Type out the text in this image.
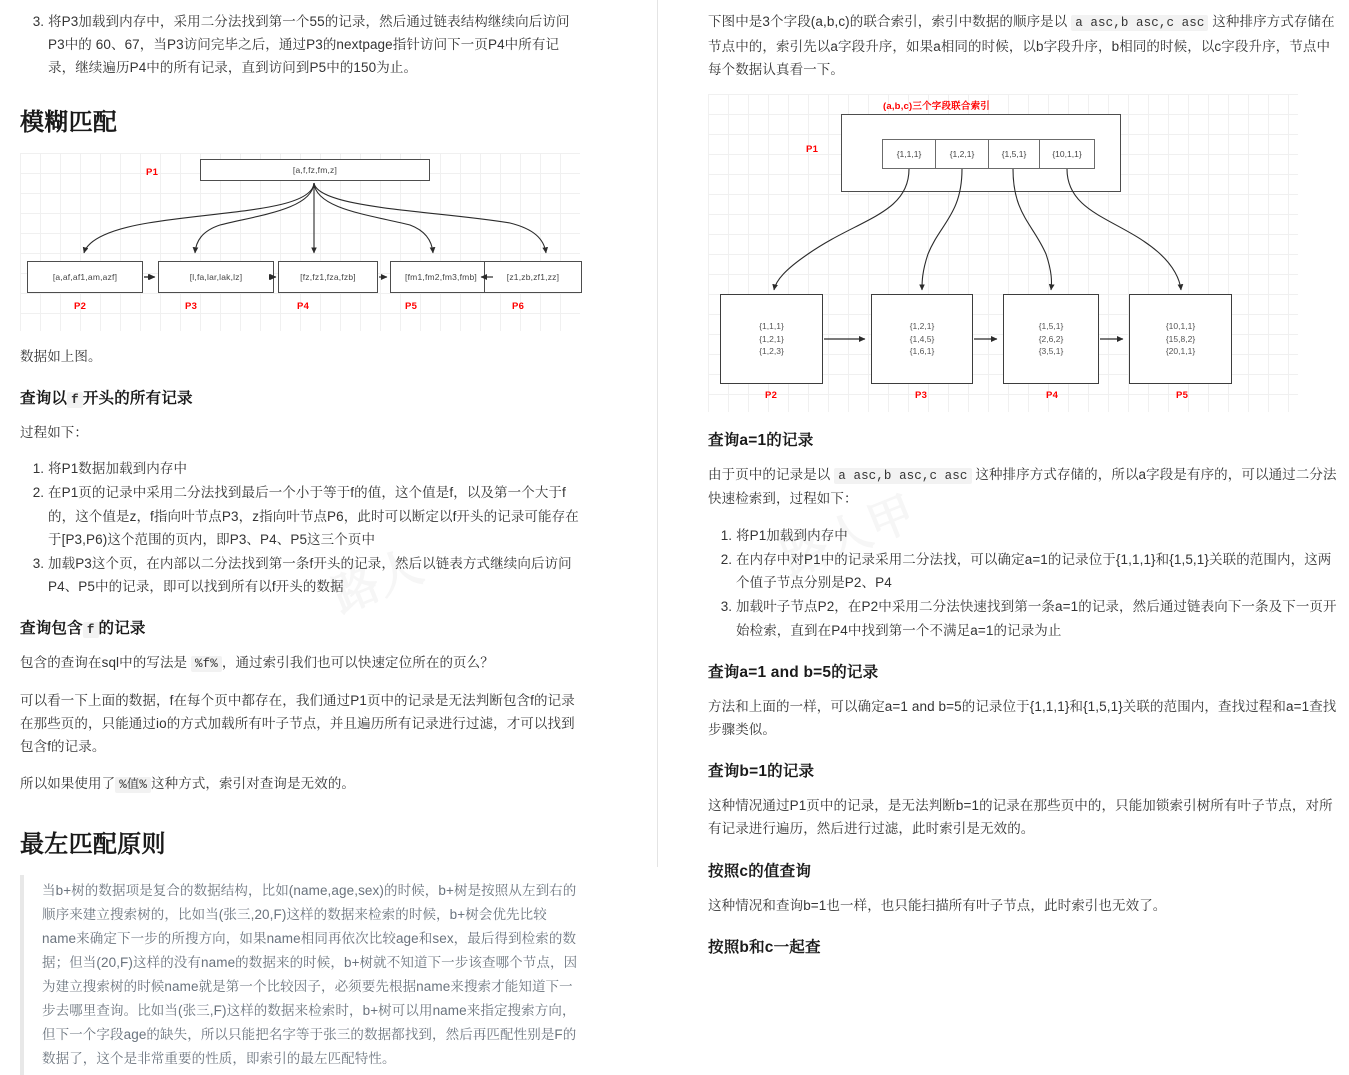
3. 将P3加载到内存中，采用二分法找到第一个55的记录，然后通过链表结构继续向后访问P3中的 60、67，当P3访问完毕之后，通过P3的nextpage指针访问下一页P4中所有记录，继续遍历P4中的所有记录，直到访问到P5中的150为止。
模糊匹配
P1	[a,f,fz,fm,z]
[a,af,af1,am,azf]	[l,fa,lar,lak,lz]	[fz,fz1,fza,fzb]	[fm1,fm2,fm3,fmb]	[z1,zb,zf1,zz]
P2	P3	P4	P5	P6

数据如上图。

查询以 f 开头的所有记录

过程如下：

1. 将P1数据加载到内存中
2. 在P1页的记录中采用二分法找到最后一个小于等于f的值，这个值是f，以及第一个大于f的，这个值是z，f指向叶节点P3，z指向叶节点P6，此时可以断定以f开头的记录可能存在于[P3,P6)这个范围的页内，即P3、P4、P5这三个页中
3. 加载P3这个页，在内部以二分法找到第一条f开头的记录，然后以链表方式继续向后访问P4、P5中的记录，即可以找到所有以f开头的数据
查询包含 f 的记录

包含的查询在sql中的写法是 %f% ，通过索引我们也可以快速定位所在的页么？

可以看一下上面的数据，f在每个页中都存在，我们通过P1页中的记录是无法判断包含f的记录在那些页的，只能通过io的方式加载所有叶子节点，并且遍历所有记录进行过滤，才可以找到包含f的记录。

所以如果使用了 %值% 这种方式，索引对查询是无效的。

最左匹配原则

当b+树的数据项是复合的数据结构，比如(name,age,sex)的时候，b+树是按照从左到右的顺序来建立搜索树的，比如当(张三,20,F)这样的数据来检索的时候，b+树会优先比较name来确定下一步的所搜方向，如果name相同再依次比较age和sex，最后得到检索的数据；但当(20,F)这样的没有name的数据来的时候，b+树就不知道下一步该查哪个节点，因为建立搜索树的时候name就是第一个比较因子，必须要先根据name来搜索才能知道下一步去哪里查询。比如当(张三,F)这样的数据来检索时，b+树可以用name来指定搜索方向，但下一个字段age的缺失，所以只能把名字等于张三的数据都找到，然后再匹配性别是F的数据了，这个是非常重要的性质，即索引的最左匹配特性。

下图中是3个字段(a,b,c)的联合索引，索引中数据的顺序是以 a asc,b asc,c asc 这种排序方式存储在节点中的，索引先以a字段升序，如果a相同的时候，以b字段升序，b相同的时候，以c字段升序，节点中每个数据认真看一下。

(a,b,c)三个字段联合索引
P1	{1,1,1}	{1,2,1}	{1,5,1}	{10,1,1}
{1,1,1}
{1,2,1}
{1,2,3}
{1,2,1}
{1,4,5}
{1,6,1}
{1,5,1}
{2,6,2}
{3,5,1}
{10,1,1}
{15,8,2}
{20,1,1}
P2	P3	P4	P5
查询a=1的记录

由于页中的记录是以 a asc,b asc,c asc 这种排序方式存储的，所以a字段是有序的，可以通过二分法快速检索到，过程如下：

1. 将P1加载到内存中
2. 在内存中对P1中的记录采用二分法找，可以确定a=1的记录位于{1,1,1}和{1,5,1}关联的范围内，这两个值子节点分别是P2、P4
3. 加载叶子节点P2，在P2中采用二分法快速找到第一条a=1的记录，然后通过链表向下一条及下一页开始检索，直到在P4中找到第一个不满足a=1的记录为止
查询a=1 and b=5的记录

方法和上面的一样，可以确定a=1 and b=5的记录位于{1,1,1}和{1,5,1}关联的范围内，查找过程和a=1查找步骤类似。

查询b=1的记录

这种情况通过P1页中的记录，是无法判断b=1的记录在那些页中的，只能加锁索引树所有叶子节点，对所有记录进行遍历，然后进行过滤，此时索引是无效的。

按照c的值查询

这种情况和查询b=1也一样，也只能扫描所有叶子节点，此时索引也无效了。

按照b和c一起查
